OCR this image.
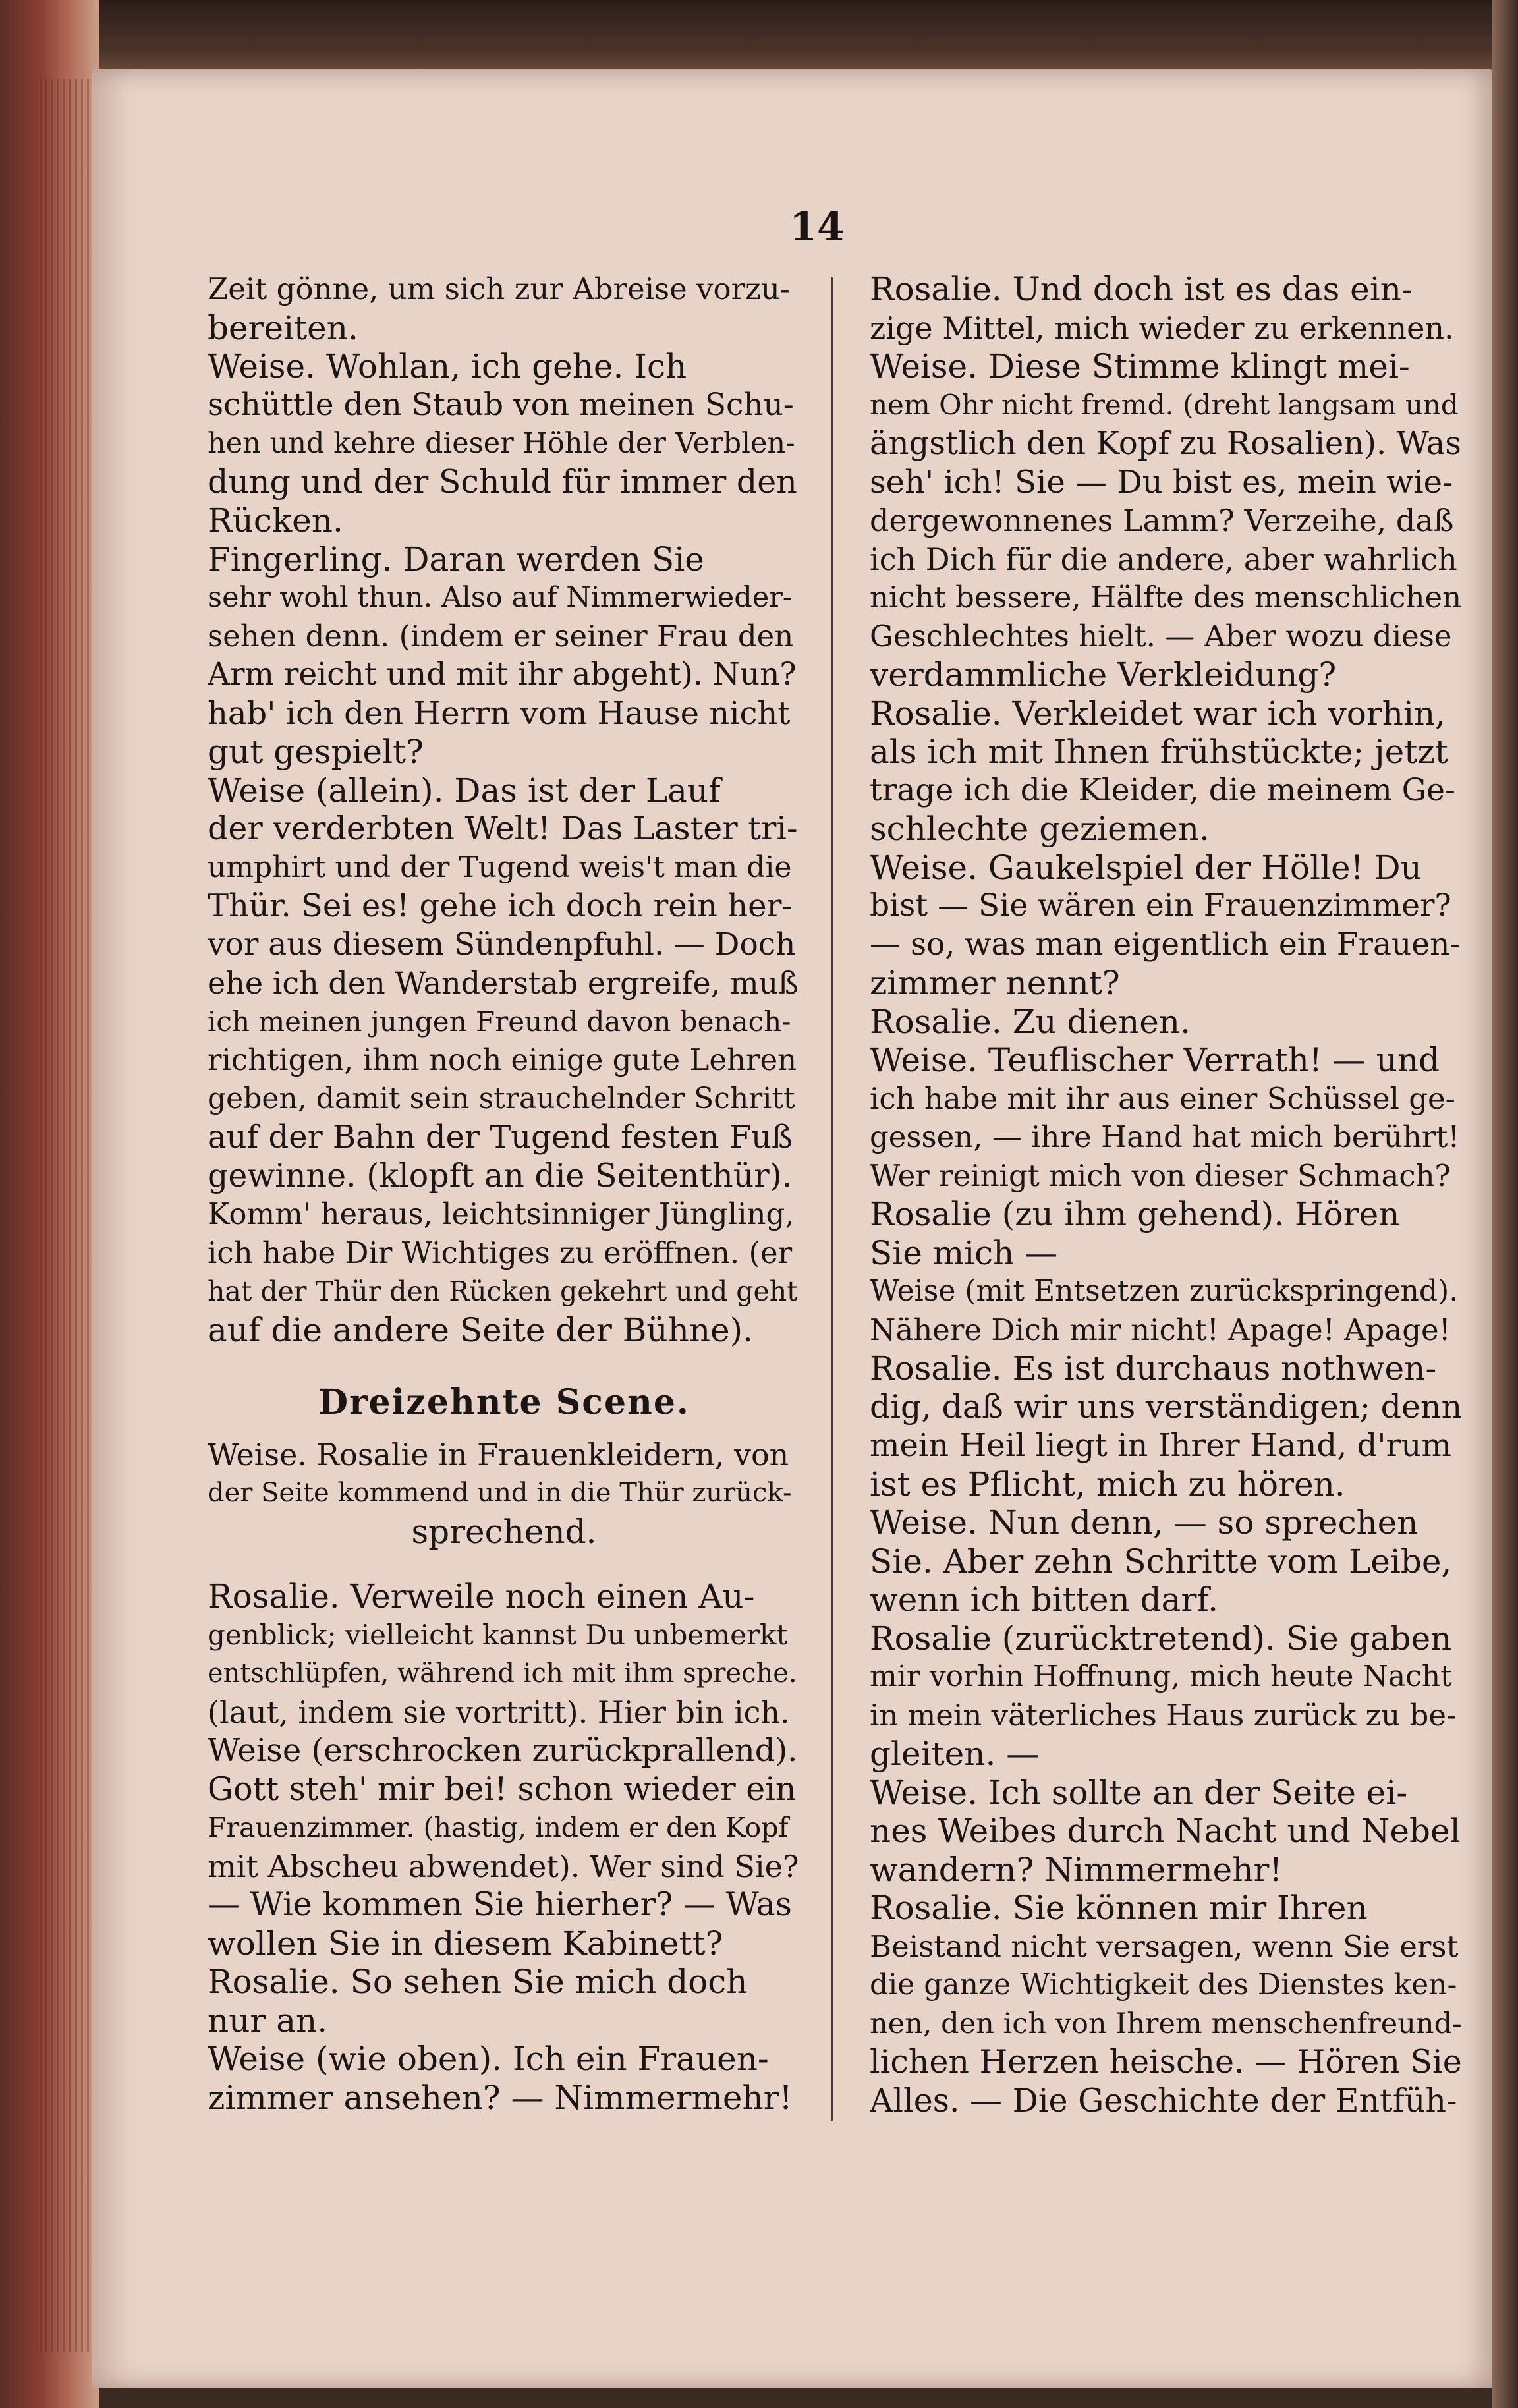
14
Zeit gönne, um sich zur Abreise vorzu-
bereiten.
Weise. Wohlan, ich gehe. Ich
schüttle den Staub von meinen Schu-
hen und kehre dieser Höhle der Verblen-
dung und der Schuld für immer den
Rücken.
Fingerling. Daran werden Sie
sehr wohl thun. Also auf Nimmerwieder-
sehen denn. (indem er seiner Frau den
Arm reicht und mit ihr abgeht). Nun?
hab' ich den Herrn vom Hause nicht
gut gespielt?
Weise (allein). Das ist der Lauf
der verderbten Welt! Das Laster tri-
umphirt und der Tugend weis't man die
Thür. Sei es! gehe ich doch rein her-
vor aus diesem Sündenpfuhl. — Doch
ehe ich den Wanderstab ergreife, muß
ich meinen jungen Freund davon benach-
richtigen, ihm noch einige gute Lehren
geben, damit sein strauchelnder Schritt
auf der Bahn der Tugend festen Fuß
gewinne. (klopft an die Seitenthür).
Komm' heraus, leichtsinniger Jüngling,
ich habe Dir Wichtiges zu eröffnen. (er
hat der Thür den Rücken gekehrt und geht
auf die andere Seite der Bühne).
Dreizehnte Scene.
Weise. Rosalie in Frauenkleidern, von
der Seite kommend und in die Thür zurück-
sprechend.
Rosalie. Verweile noch einen Au-
genblick; vielleicht kannst Du unbemerkt
entschlüpfen, während ich mit ihm spreche.
(laut, indem sie vortritt). Hier bin ich.
Weise (erschrocken zurückprallend).
Gott steh' mir bei! schon wieder ein
Frauenzimmer. (hastig, indem er den Kopf
mit Abscheu abwendet). Wer sind Sie?
— Wie kommen Sie hierher? — Was
wollen Sie in diesem Kabinett?
Rosalie. So sehen Sie mich doch
nur an.
Weise (wie oben). Ich ein Frauen-
zimmer ansehen? — Nimmermehr!
Rosalie. Und doch ist es das ein-
zige Mittel, mich wieder zu erkennen.
Weise. Diese Stimme klingt mei-
nem Ohr nicht fremd. (dreht langsam und
ängstlich den Kopf zu Rosalien). Was
seh' ich! Sie — Du bist es, mein wie-
dergewonnenes Lamm? Verzeihe, daß
ich Dich für die andere, aber wahrlich
nicht bessere, Hälfte des menschlichen
Geschlechtes hielt. — Aber wozu diese
verdammliche Verkleidung?
Rosalie. Verkleidet war ich vorhin,
als ich mit Ihnen frühstückte; jetzt
trage ich die Kleider, die meinem Ge-
schlechte geziemen.
Weise. Gaukelspiel der Hölle! Du
bist — Sie wären ein Frauenzimmer?
— so, was man eigentlich ein Frauen-
zimmer nennt?
Rosalie. Zu dienen.
Weise. Teuflischer Verrath! — und
ich habe mit ihr aus einer Schüssel ge-
gessen, — ihre Hand hat mich berührt!
Wer reinigt mich von dieser Schmach?
Rosalie (zu ihm gehend). Hören
Sie mich —
Weise (mit Entsetzen zurückspringend).
Nähere Dich mir nicht! Apage! Apage!
Rosalie. Es ist durchaus nothwen-
dig, daß wir uns verständigen; denn
mein Heil liegt in Ihrer Hand, d'rum
ist es Pflicht, mich zu hören.
Weise. Nun denn, — so sprechen
Sie. Aber zehn Schritte vom Leibe,
wenn ich bitten darf.
Rosalie (zurücktretend). Sie gaben
mir vorhin Hoffnung, mich heute Nacht
in mein väterliches Haus zurück zu be-
gleiten. —
Weise. Ich sollte an der Seite ei-
nes Weibes durch Nacht und Nebel
wandern? Nimmermehr!
Rosalie. Sie können mir Ihren
Beistand nicht versagen, wenn Sie erst
die ganze Wichtigkeit des Dienstes ken-
nen, den ich von Ihrem menschenfreund-
lichen Herzen heische. — Hören Sie
Alles. — Die Geschichte der Entfüh-
